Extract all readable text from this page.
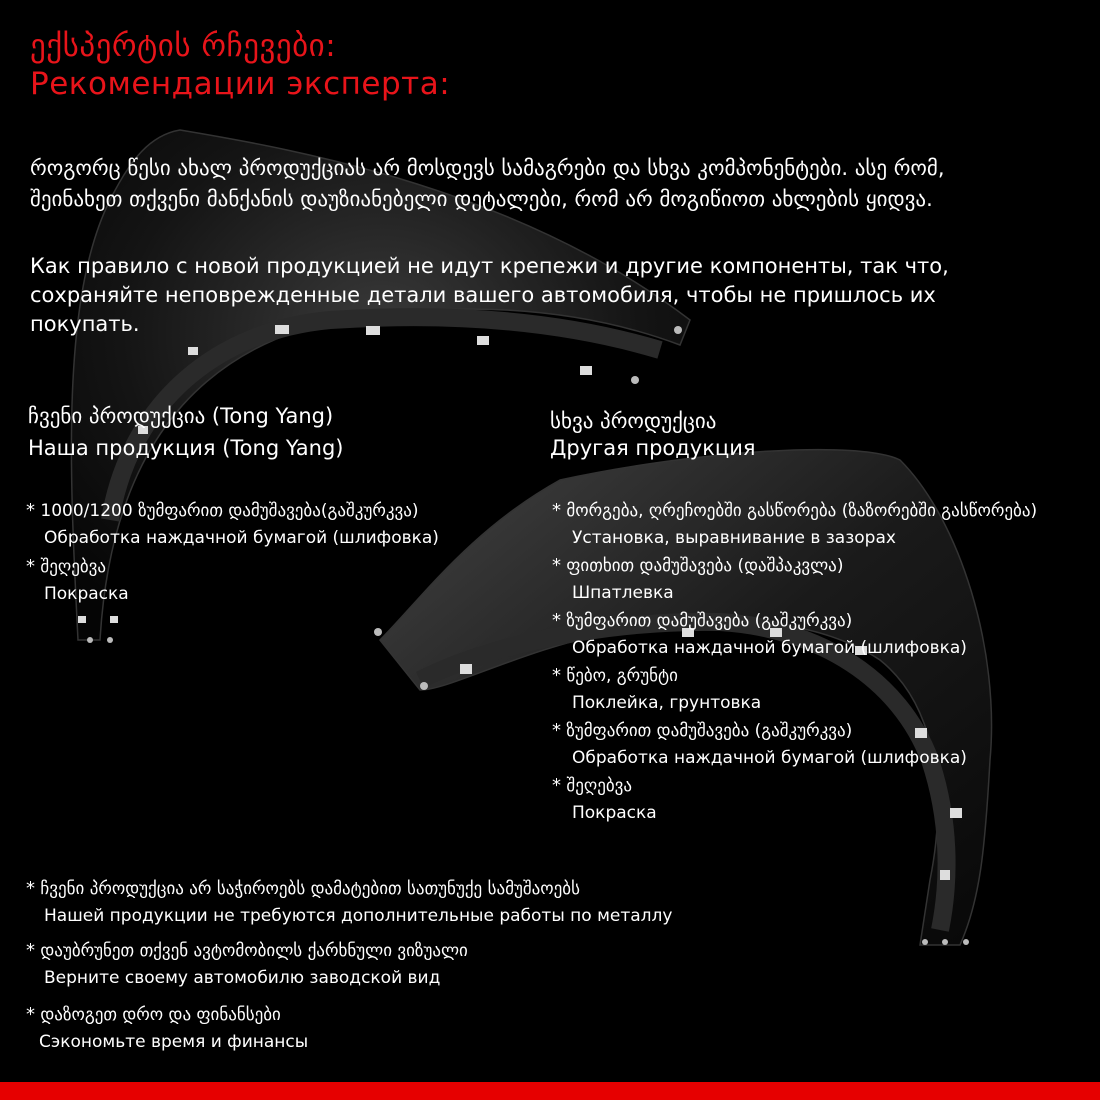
ექსპერტის რჩევები:
Рекомендации эксперта:
როგორც წესი ახალ პროდუქციას არ მოსდევს სამაგრები და სხვა კომპონენტები. ასე რომ, შეინახეთ თქვენი მანქანის დაუზიანებელი დეტალები, რომ არ მოგიწიოთ ახლების ყიდვა.
Как правило с новой продукцией не идут крепежи и другие компоненты, так что, сохраняйте неповрежденные детали вашего автомобиля, чтобы не пришлось их покупать.
ჩვენი პროდუქცია (Tong Yang)
Наша продукция (Tong Yang)
სხვა პროდუქცია
Другая продукция
* 1000/1200 ზუმფარით დამუშავება(გაშკურკვა)
Обработка наждачной бумагой (шлифовка)
* შეღებვა
Покраска
* მორგება, ღრეჩოებში გასწორება (ზაზორებში გასწორება)
Установка, выравнивание в зазорах
* ფითხით დამუშავება (დაშპაკვლა)
Шпатлевка
* ზუმფარით დამუშავება (გაშკურკვა)
Обработка наждачной бумагой (шлифовка)
* წებო, გრუნტი
Поклейка, грунтовка
* ზუმფარით დამუშავება (გაშკურკვა)
Обработка наждачной бумагой (шлифовка)
* შეღებვა
Покраска
* ჩვენი პროდუქცია არ საჭიროებს დამატებით სათუნუქე სამუშაოებს
Нашей продукции не требуются дополнительные работы по металлу
* დაუბრუნეთ თქვენ ავტომობილს ქარხნული ვიზუალი
Верните своему автомобилю заводской вид
* დაზოგეთ დრო და ფინანსები
Сэкономьте время и финансы
